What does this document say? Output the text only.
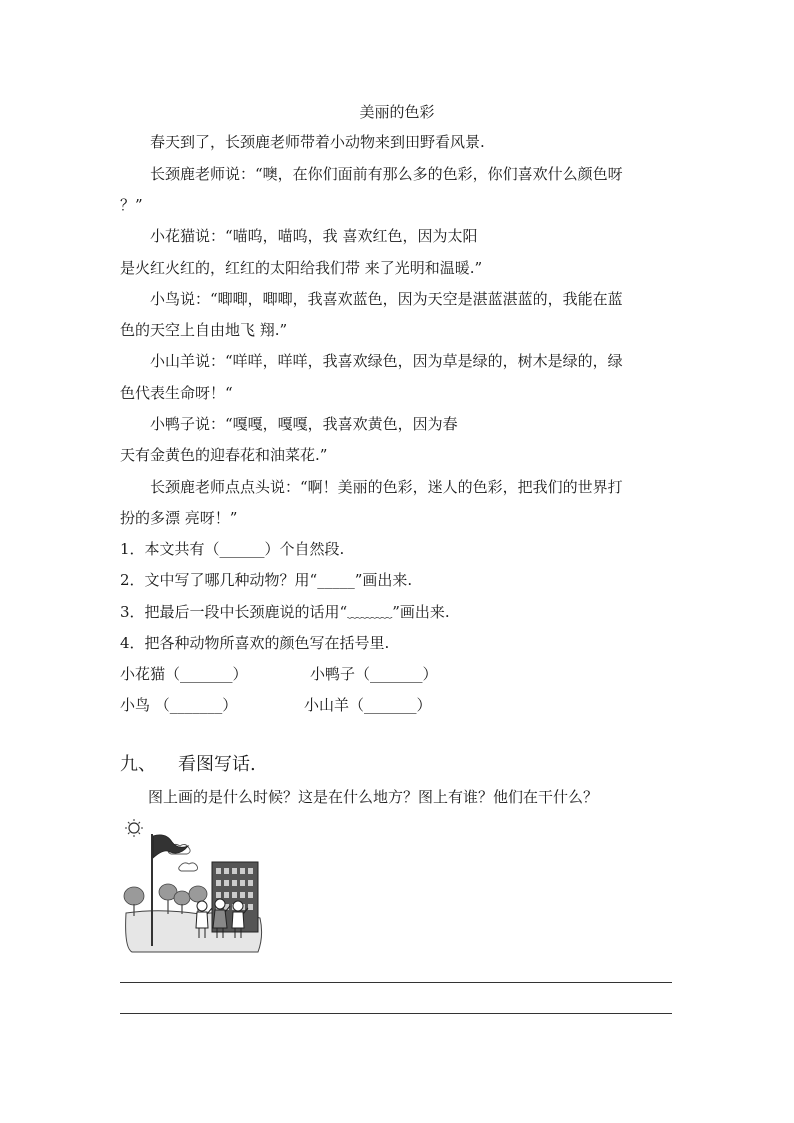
美丽的色彩
春天到了，长颈鹿老师带着小动物来到田野看风景.
长颈鹿老师说：“噢，在你们面前有那么多的色彩，你们喜欢什么颜色呀
？”
小花猫说：“喵呜，喵呜，我 喜欢红色，因为太阳
是火红火红的，红红的太阳给我们带 来了光明和温暖.”
小鸟说：“唧唧，唧唧，我喜欢蓝色，因为天空是湛蓝湛蓝的，我能在蓝
色的天空上自由地飞 翔.”
小山羊说：“咩咩，咩咩，我喜欢绿色，因为草是绿的，树木是绿的，绿
色代表生命呀！“
小鸭子说：“嘎嘎，嘎嘎，我喜欢黄色，因为春
天有金黄色的迎春花和油菜花.”
长颈鹿老师点点头说：“啊！美丽的色彩，迷人的色彩，把我们的世界打
扮的多漂 亮呀！”
1．本文共有（______）个自然段.
2．文中写了哪几种动物？用“_____”画出来.
3．把最后一段中长颈鹿说的话用“﹏﹏﹏”画出来.
4．把各种动物所喜欢的颜色写在括号里.
小花猫（_______）	小鸭子（_______）
小鸟 （_______）	小山羊（_______）
九、 看图写话.
图上画的是什么时候？这是在什么地方？图上有谁？他们在干什么？
